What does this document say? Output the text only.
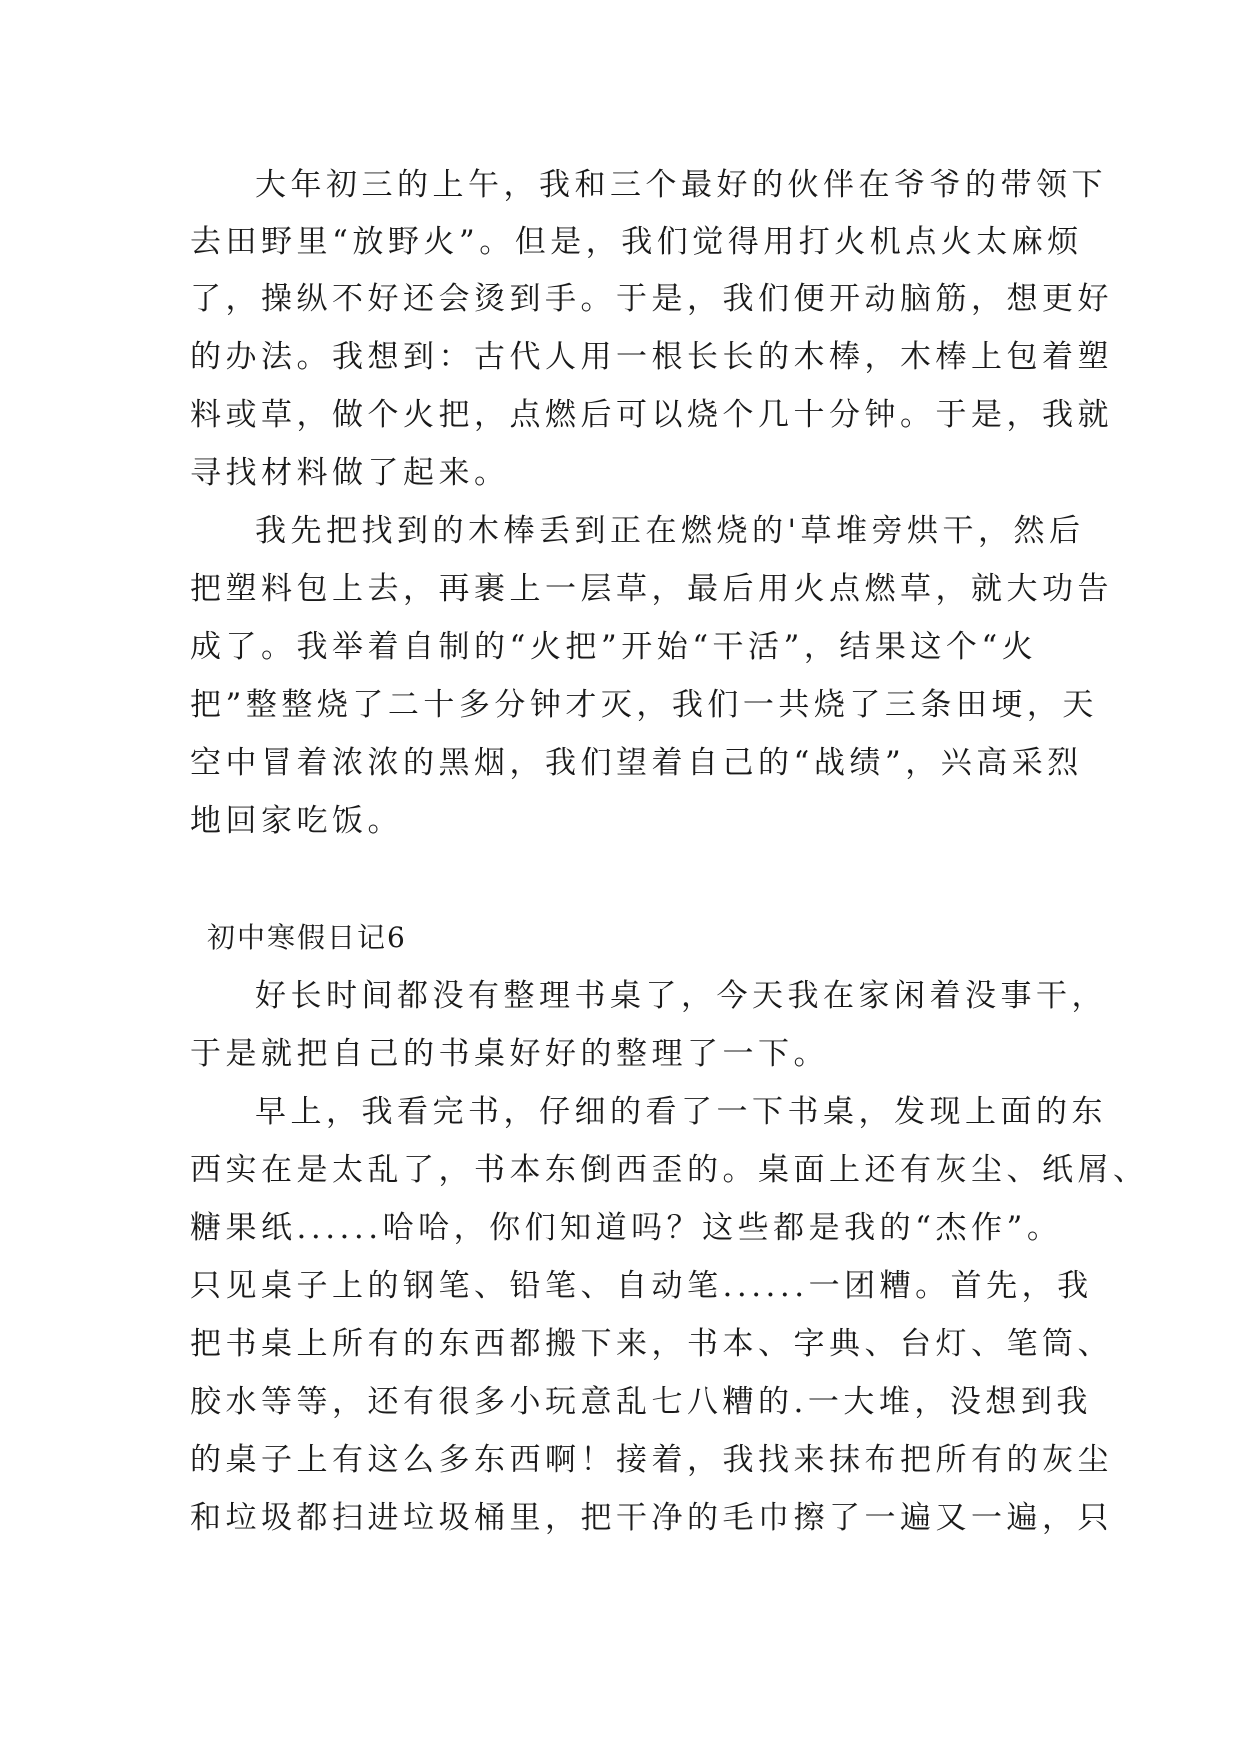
大年初三的上午，我和三个最好的伙伴在爷爷的带领下

去田野里“放野火”。但是，我们觉得用打火机点火太麻烦

了，操纵不好还会烫到手。于是，我们便开动脑筋，想更好

的办法。我想到：古代人用一根长长的木棒，木棒上包着塑

料或草，做个火把，点燃后可以烧个几十分钟。于是，我就

寻找材料做了起来。

我先把找到的木棒丢到正在燃烧的'草堆旁烘干，然后

把塑料包上去，再裹上一层草，最后用火点燃草，就大功告

成了。我举着自制的“火把”开始“干活”，结果这个“火

把”整整烧了二十多分钟才灭，我们一共烧了三条田埂，天

空中冒着浓浓的黑烟，我们望着自己的“战绩”，兴高采烈

地回家吃饭。

初中寒假日记6

好长时间都没有整理书桌了，今天我在家闲着没事干，

于是就把自己的书桌好好的整理了一下。

早上，我看完书，仔细的看了一下书桌，发现上面的东

西实在是太乱了，书本东倒西歪的。桌面上还有灰尘、纸屑、

糖果纸......哈哈，你们知道吗？这些都是我的“杰作”。

只见桌子上的钢笔、铅笔、自动笔......一团糟。首先，我

把书桌上所有的东西都搬下来，书本、字典、台灯、笔筒、

胶水等等，还有很多小玩意乱七八糟的.一大堆，没想到我

的桌子上有这么多东西啊！接着，我找来抹布把所有的灰尘

和垃圾都扫进垃圾桶里，把干净的毛巾擦了一遍又一遍，只
